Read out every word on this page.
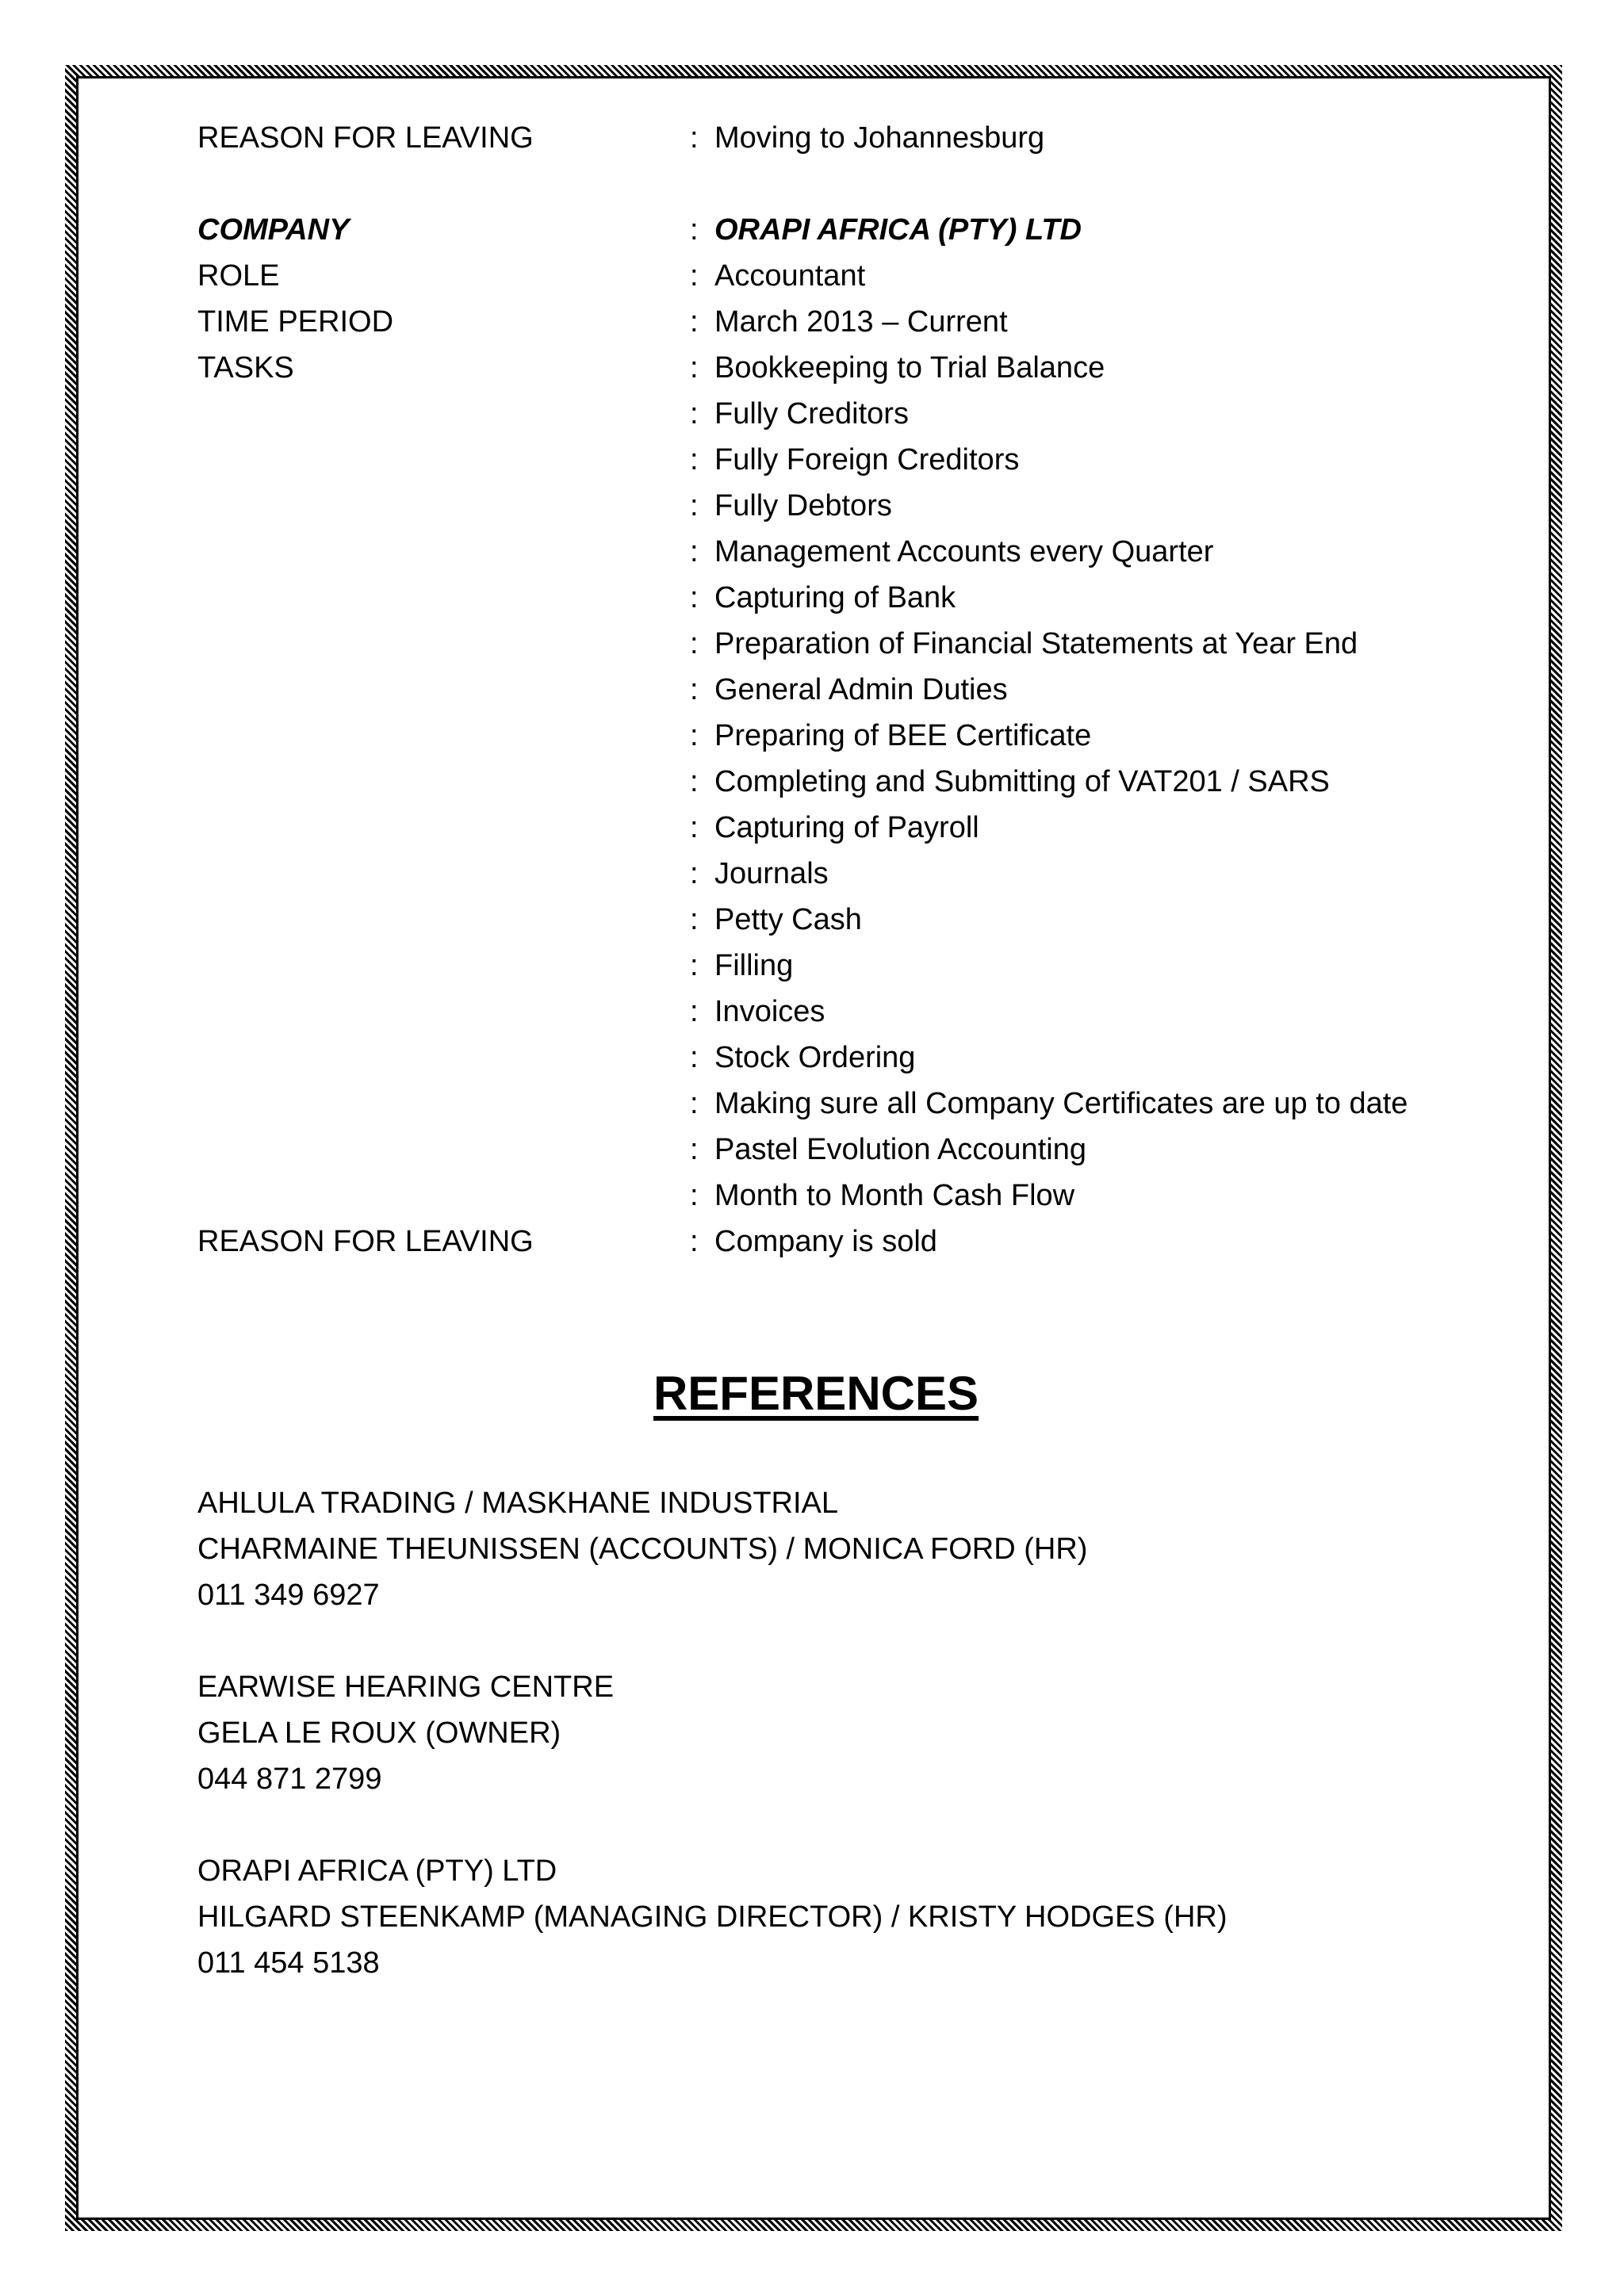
REASON FOR LEAVING	: Moving to Johannesburg
COMPANY	: ORAPI AFRICA (PTY) LTD
ROLE	: Accountant
TIME PERIOD	: March 2013 – Current
TASKS	: Bookkeeping to Trial Balance
: Fully Creditors
: Fully Foreign Creditors
: Fully Debtors
: Management Accounts every Quarter
: Capturing of Bank
: Preparation of Financial Statements at Year End
: General Admin Duties
: Preparing of BEE Certificate
: Completing and Submitting of VAT201 / SARS
: Capturing of Payroll
: Journals
: Petty Cash
: Filling
: Invoices
: Stock Ordering
: Making sure all Company Certificates are up to date
: Pastel Evolution Accounting
: Month to Month Cash Flow
REASON FOR LEAVING	: Company is sold
REFERENCES
AHLULA TRADING / MASKHANE INDUSTRIAL
CHARMAINE THEUNISSEN (ACCOUNTS) / MONICA FORD (HR)
011 349 6927
EARWISE HEARING CENTRE
GELA LE ROUX (OWNER)
044 871 2799
ORAPI AFRICA (PTY) LTD
HILGARD STEENKAMP (MANAGING DIRECTOR) / KRISTY HODGES (HR)
011 454 5138
